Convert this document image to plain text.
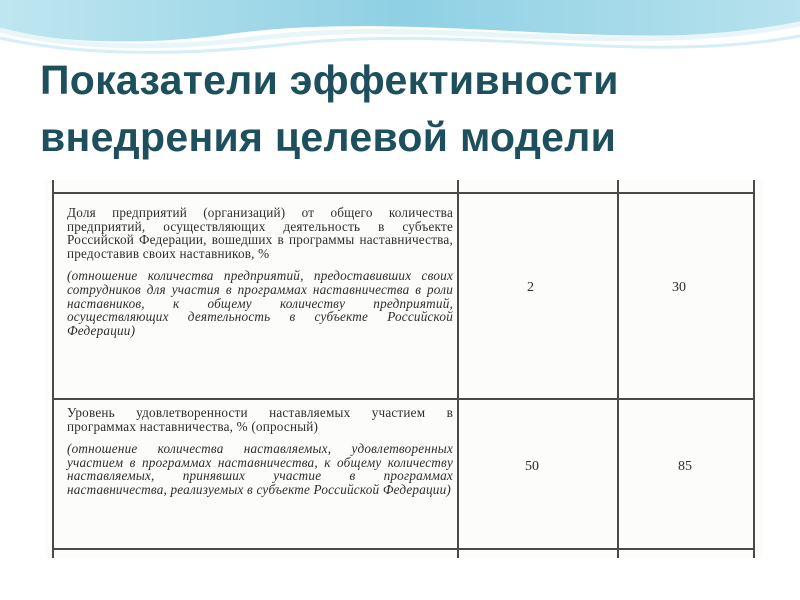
Показатели эффективности
внедрения целевой модели

Доля предприятий (организаций) от общего количества предприятий, осуществляющих деятельность в субъекте Российской Федерации, вошедших в программы наставничества, предоставив своих наставников, %

(отношение количества предприятий, предоставивших своих сотрудников для участия в программах наставничества в роли наставников, к общему количеству предприятий, осуществляющих деятельность в субъекте Российской Федерации)

2	30

Уровень удовлетворенности наставляемых участием в программах наставничества, % (опросный)

(отношение количества наставляемых, удовлетворенных участием в программах наставничества, к общему количеству наставляемых, принявших участие в программах наставничества, реализуемых в субъекте Российской Федерации)

50	85
